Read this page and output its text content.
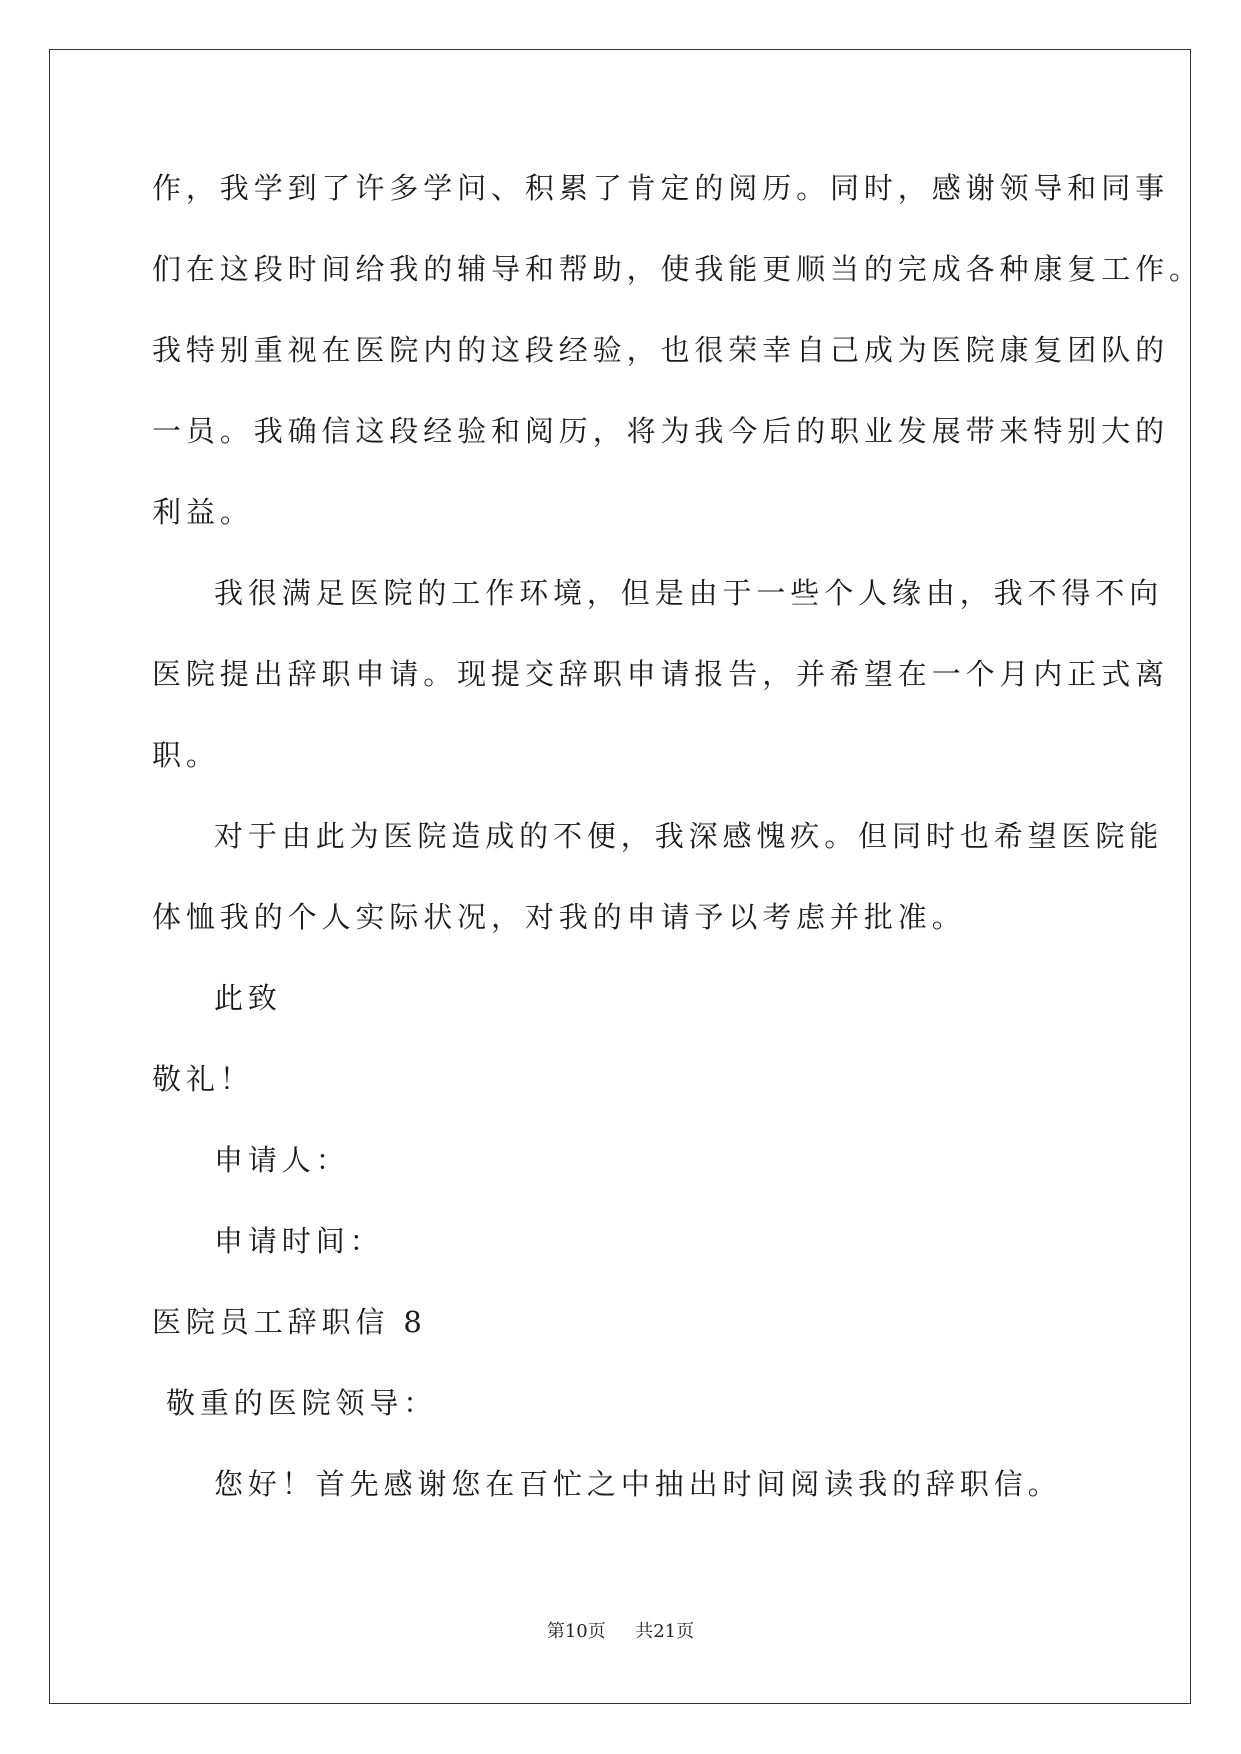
作，我学到了许多学问、积累了肯定的阅历。同时，感谢领导和同事
们在这段时间给我的辅导和帮助，使我能更顺当的完成各种康复工作。
我特别重视在医院内的这段经验，也很荣幸自己成为医院康复团队的
一员。我确信这段经验和阅历，将为我今后的职业发展带来特别大的
利益。
我很满足医院的工作环境，但是由于一些个人缘由，我不得不向
医院提出辞职申请。现提交辞职申请报告，并希望在一个月内正式离
职。
对于由此为医院造成的不便，我深感愧疚。但同时也希望医院能
体恤我的个人实际状况，对我的申请予以考虑并批准。
此致
敬礼！
申请人：
申请时间：
医院员工辞职信 8
敬重的医院领导：
您好！首先感谢您在百忙之中抽出时间阅读我的辞职信。
第10页 共21页
